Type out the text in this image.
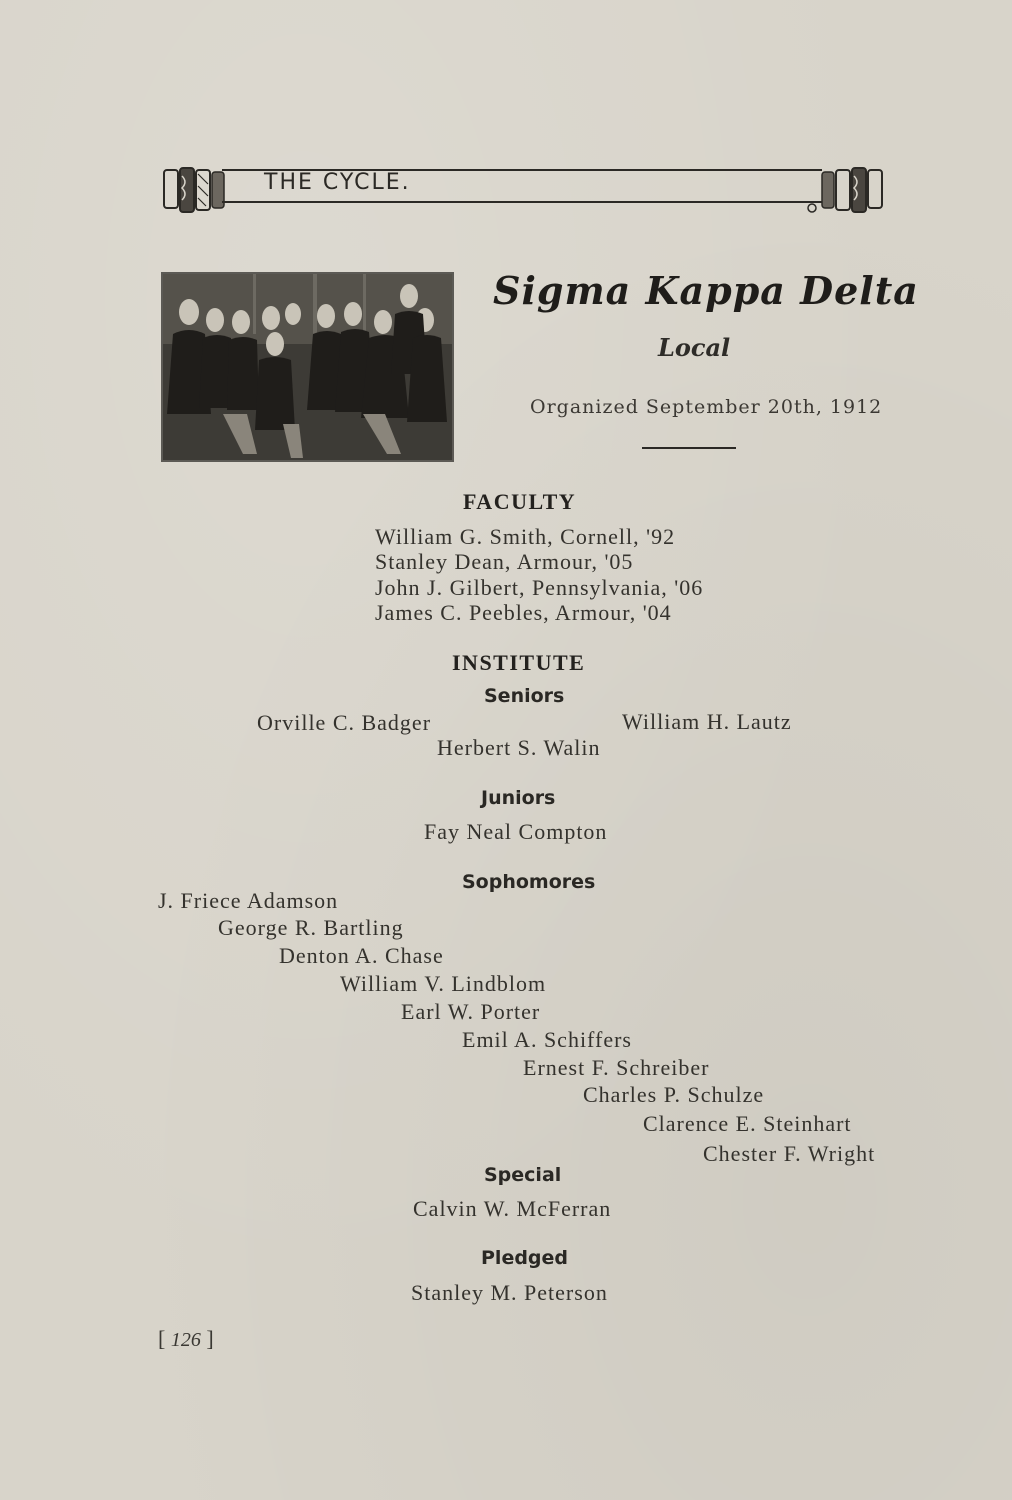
THE CYCLE.
Sigma Kappa Delta
Local
Organized September 20th, 1912
FACULTY
William G. Smith, Cornell, '92
Stanley Dean, Armour, '05
John J. Gilbert, Pennsylvania, '06
James C. Peebles, Armour, '04
INSTITUTE
Seniors
Orville C. Badger	William H. Lautz
Herbert S. Walin
Juniors
Fay Neal Compton
Sophomores
J. Friece Adamson
George R. Bartling
Denton A. Chase
William V. Lindblom
Earl W. Porter
Emil A. Schiffers
Ernest F. Schreiber
Charles P. Schulze
Clarence E. Steinhart
Chester F. Wright
Special
Calvin W. McFerran
Pledged
Stanley M. Peterson
[ 126 ]
